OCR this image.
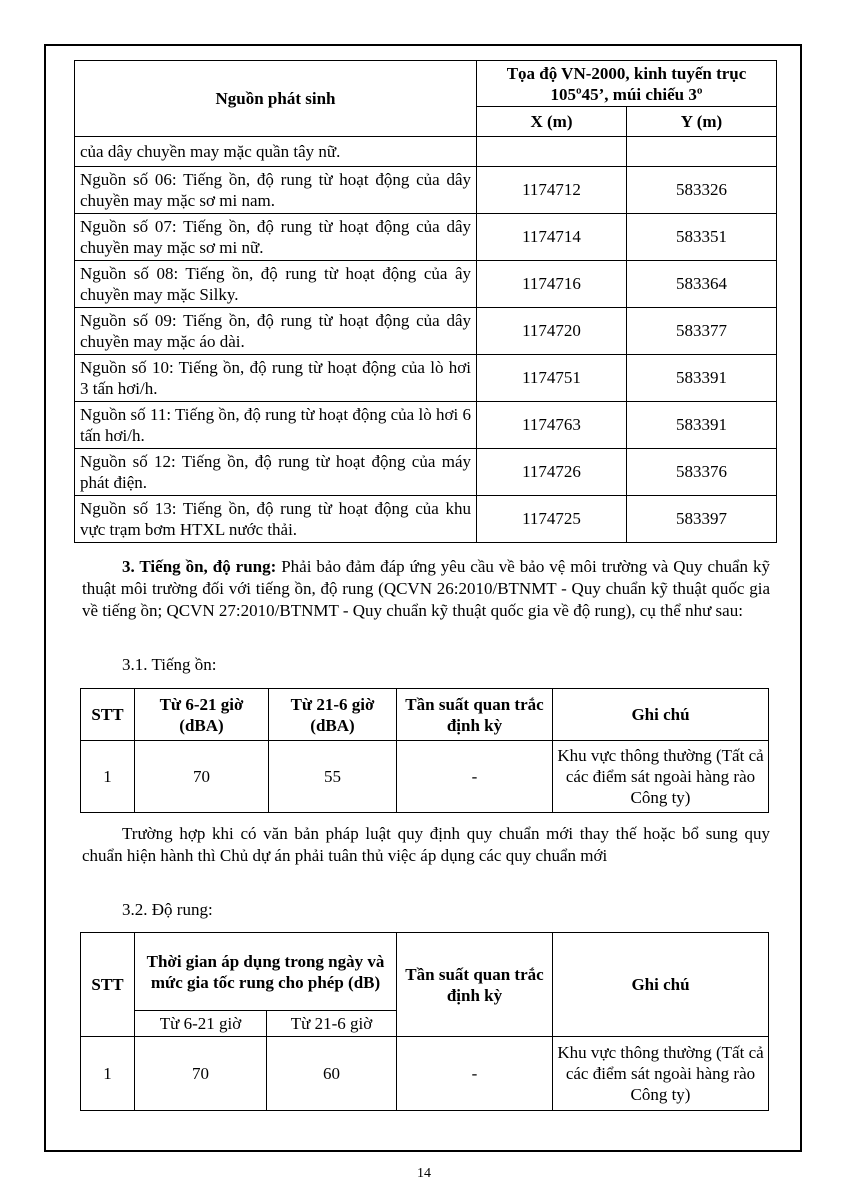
Nguồn phát sinh	Tọa độ VN-2000, kinh tuyến trục 105º45’, múi chiếu 3º	
	X (m)	Y (m)
của dây chuyền may mặc quần tây nữ.		
Nguồn số 06: Tiếng ồn, độ rung từ hoạt động của dây chuyền may mặc sơ mi nam.	1174712	583326
Nguồn số 07: Tiếng ồn, độ rung từ hoạt động của dây chuyền may mặc sơ mi nữ.	1174714	583351
Nguồn số 08: Tiếng ồn, độ rung từ hoạt động của ây chuyền may mặc Silky.	1174716	583364
Nguồn số 09: Tiếng ồn, độ rung từ hoạt động của dây chuyền may mặc áo dài.	1174720	583377
Nguồn số 10: Tiếng ồn, độ rung từ hoạt động của lò hơi 3 tấn hơi/h.	1174751	583391
Nguồn số 11: Tiếng ồn, độ rung từ hoạt động của lò hơi 6 tấn hơi/h.	1174763	583391
Nguồn số 12: Tiếng ồn, độ rung từ hoạt động của máy phát điện.	1174726	583376
Nguồn số 13: Tiếng ồn, độ rung từ hoạt động của khu vực trạm bơm HTXL nước thải.	1174725	583397

3. Tiếng ồn, độ rung: Phải bảo đảm đáp ứng yêu cầu về bảo vệ môi trường và Quy chuẩn kỹ thuật môi trường đối với tiếng ồn, độ rung (QCVN 26:2010/BTNMT - Quy chuẩn kỹ thuật quốc gia về tiếng ồn; QCVN 27:2010/BTNMT - Quy chuẩn kỹ thuật quốc gia về độ rung), cụ thể như sau:

3.1. Tiếng ồn:

STT	Từ 6-21 giờ (dBA)	Từ 21-6 giờ (dBA)	Tần suất quan trắc định kỳ	Ghi chú
1	70	55	-	Khu vực thông thường (Tất cả các điểm sát ngoài hàng rào Công ty)

Trường hợp khi có văn bản pháp luật quy định quy chuẩn mới thay thế hoặc bổ sung quy chuẩn hiện hành thì Chủ dự án phải tuân thủ việc áp dụng các quy chuẩn mới

3.2. Độ rung:

STT	Thời gian áp dụng trong ngày và mức gia tốc rung cho phép (dB)		Tần suất quan trắc định kỳ	Ghi chú
	Từ 6-21 giờ	Từ 21-6 giờ		
1	70	60	-	Khu vực thông thường (Tất cả các điểm sát ngoài hàng rào Công ty)
14
